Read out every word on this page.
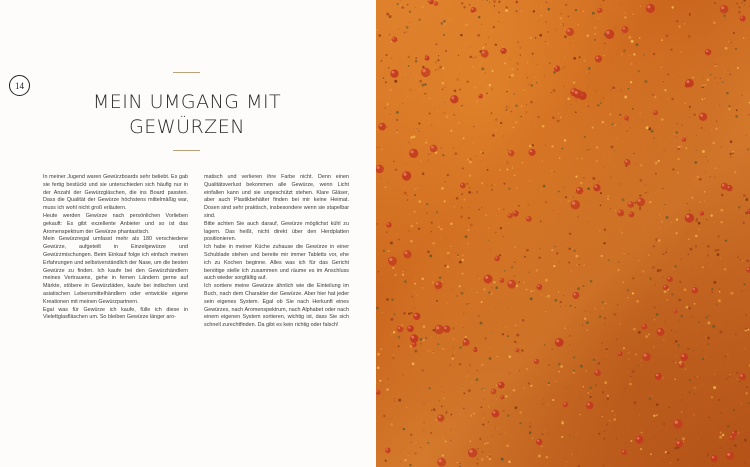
14
MEIN UMGANG MIT
GEWÜRZEN

In meiner Jugend waren Gewürzboards sehr beliebt. Es gab sie fertig bestückt und sie unterschieden sich häufig nur in der Anzahl der Gewürzgläschen, die ins Board passten. Dass die Qualität der Gewürze höchstens mittelmäßig war, muss ich wohl nicht groß erläutern.

Heute werden Gewürze nach persönlichen Vorlieben gekauft: Es gibt exzellente Anbieter und so ist das Aromenspektrum der Gewürze phantastisch.

Mein Gewürzregal umfasst mehr als 180 verschiedene Gewürze, aufgeteilt in Einzelgewürze und Gewürzmischungen. Beim Einkauf folge ich einfach meinen Erfahrungen und selbstverständlich der Nase, um die besten Gewürze zu finden. Ich kaufe bei den Gewürzhändlern meines Vertrauens, gehe in fernen Ländern gerne auf Märkte, stöbere in Gewürzläden, kaufe bei indischen und asiatischen Lebensmittelhändlern oder entwickle eigene Kreationen mit meinen Gewürzpartnern.

Egal was für Gewürze ich kaufe, fülle ich diese in Vielettglasfläschen um. So bleiben Gewürze länger aro-

matisch und verlieren ihre Farbe nicht. Denn einen Qualitätsverlust bekommen alle Gewürze, wenn Licht einfallen kann und sie ungeschützt stehen. Klare Gläser, aber auch Plastikbehälter finden bei mir keine Heimat. Dosen sind sehr praktisch, insbesondere wenn sie stapelbar sind.

Bitte achten Sie auch darauf, Gewürze möglichst kühl zu lagern. Das heißt, nicht direkt über den Herdplatten positionieren.

Ich habe in meiner Küche zuhause die Gewürze in einer Schublade stehen und bereite mir immer Tabletts vor, ehe ich zu Kochen beginne. Alles was ich für das Gericht benötige stelle ich zusammen und räume es im Anschluss auch wieder sorgfältig auf.

Ich sortiere meine Gewürze ähnlich wie die Einteilung im Buch, nach dem Charakter der Gewürze. Aber hier hat jeder sein eigenes System. Egal ob Sie nach Herkunft eines Gewürzes, nach Aromenspektrum, nach Alphabet oder nach einem eigenen System sortieren, wichtig ist, dass Sie sich schnell zurechtfinden. Da gibt es kein richtig oder falsch!
